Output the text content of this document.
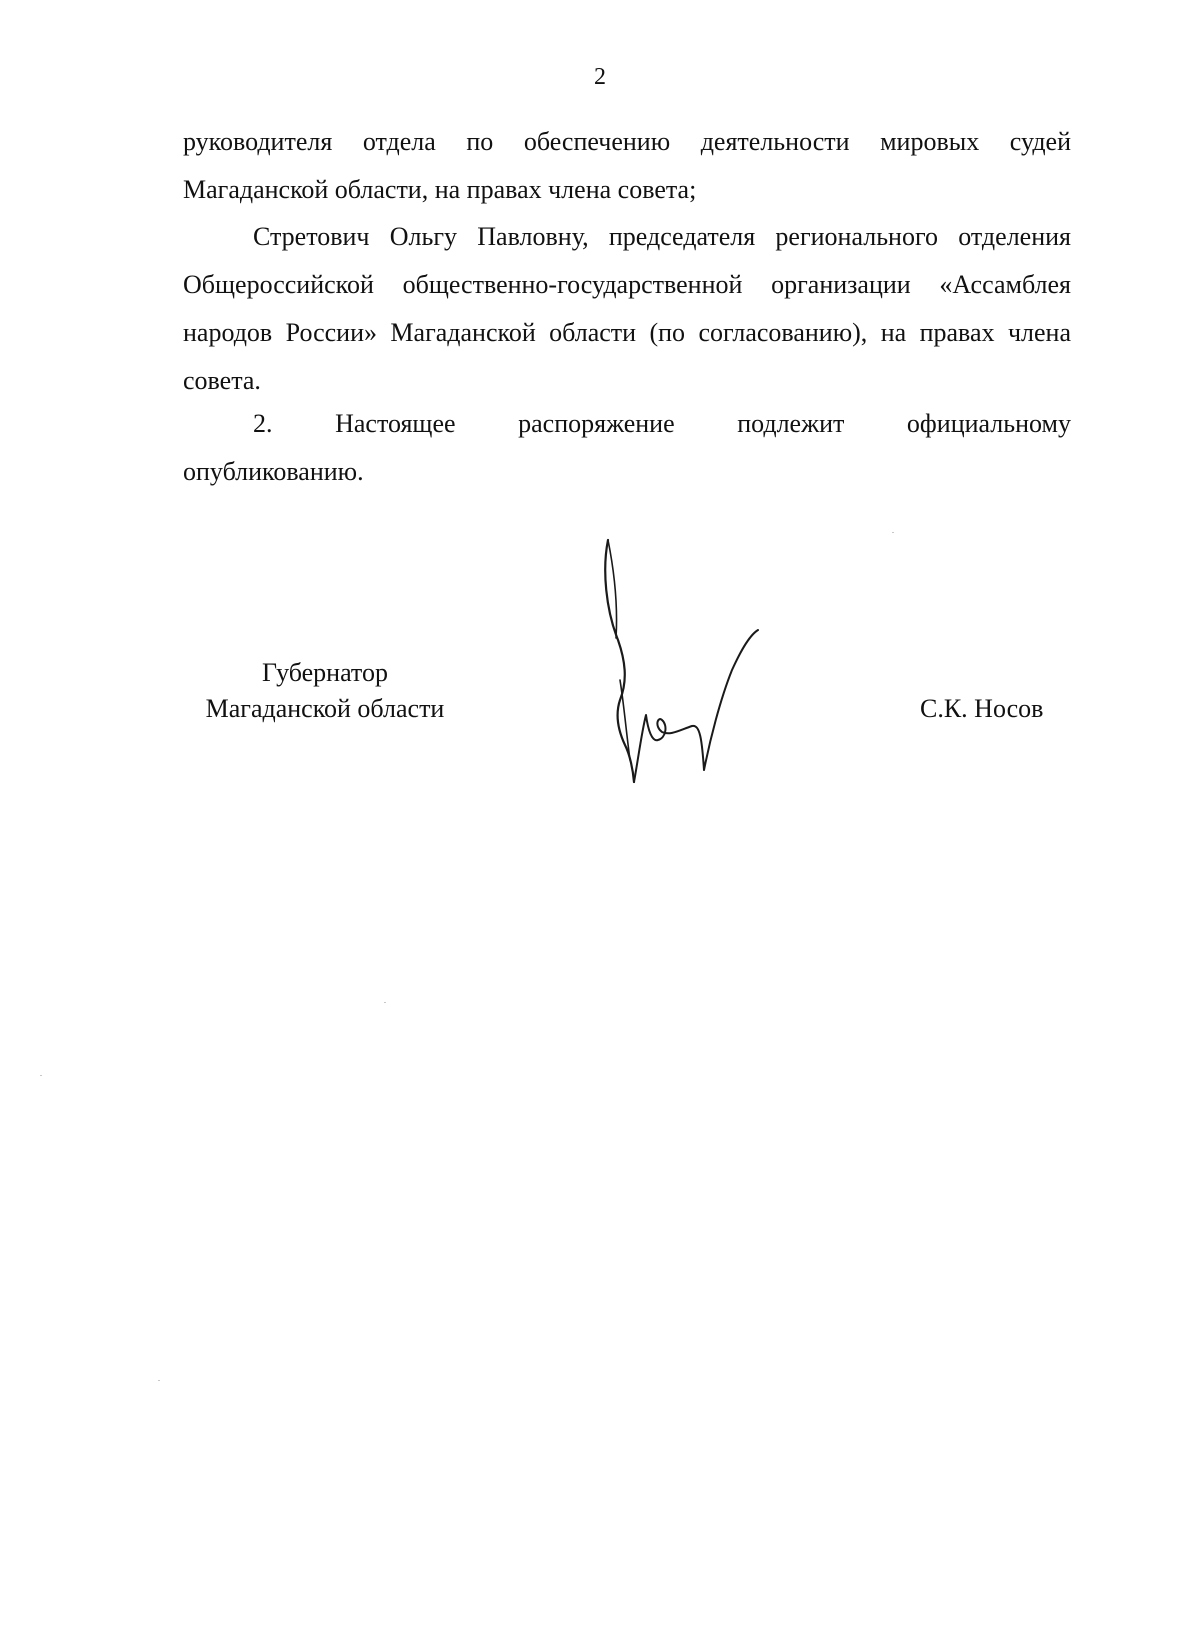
2
руководителя отдела по обеспечению деятельности мировых судей
Магаданской области, на правах члена совета;

Стретович Ольгу Павловну, председателя регионального отделения Общероссийской общественно-государственной организации «Ассамблея народов России» Магаданской области (по согласованию), на правах члена совета.

2. Настоящее распоряжение подлежит официальному
опубликованию.
Губернатор
Магаданской области	С.К. Носов
